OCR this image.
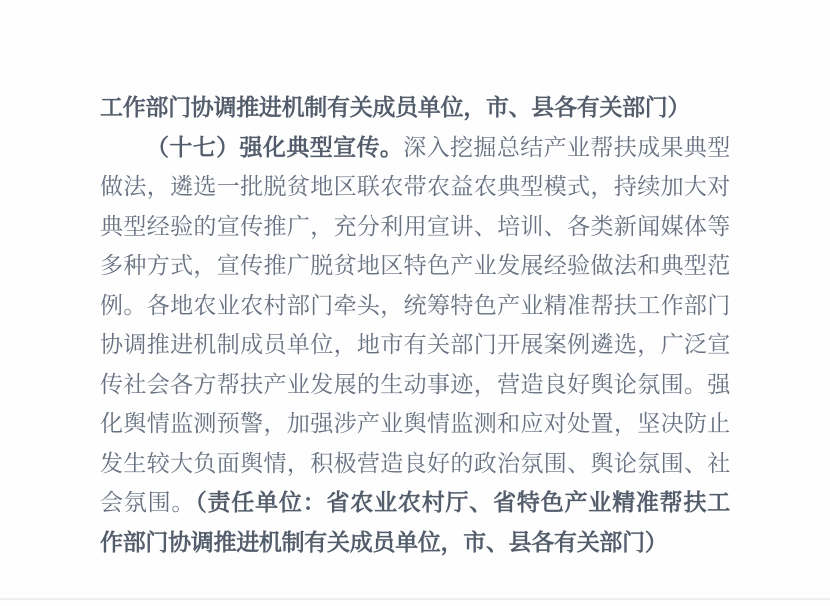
工作部门协调推进机制有关成员单位，市、县各有关部门）
（十七）强化典型宣传。深入挖掘总结产业帮扶成果典型
做法，遴选一批脱贫地区联农带农益农典型模式，持续加大对
典型经验的宣传推广，充分利用宣讲、培训、各类新闻媒体等
多种方式，宣传推广脱贫地区特色产业发展经验做法和典型范
例。各地农业农村部门牵头，统筹特色产业精准帮扶工作部门
协调推进机制成员单位，地市有关部门开展案例遴选，广泛宣
传社会各方帮扶产业发展的生动事迹，营造良好舆论氛围。强
化舆情监测预警，加强涉产业舆情监测和应对处置，坚决防止
发生较大负面舆情，积极营造良好的政治氛围、舆论氛围、社
会氛围。（责任单位：省农业农村厅、省特色产业精准帮扶工
作部门协调推进机制有关成员单位，市、县各有关部门）
